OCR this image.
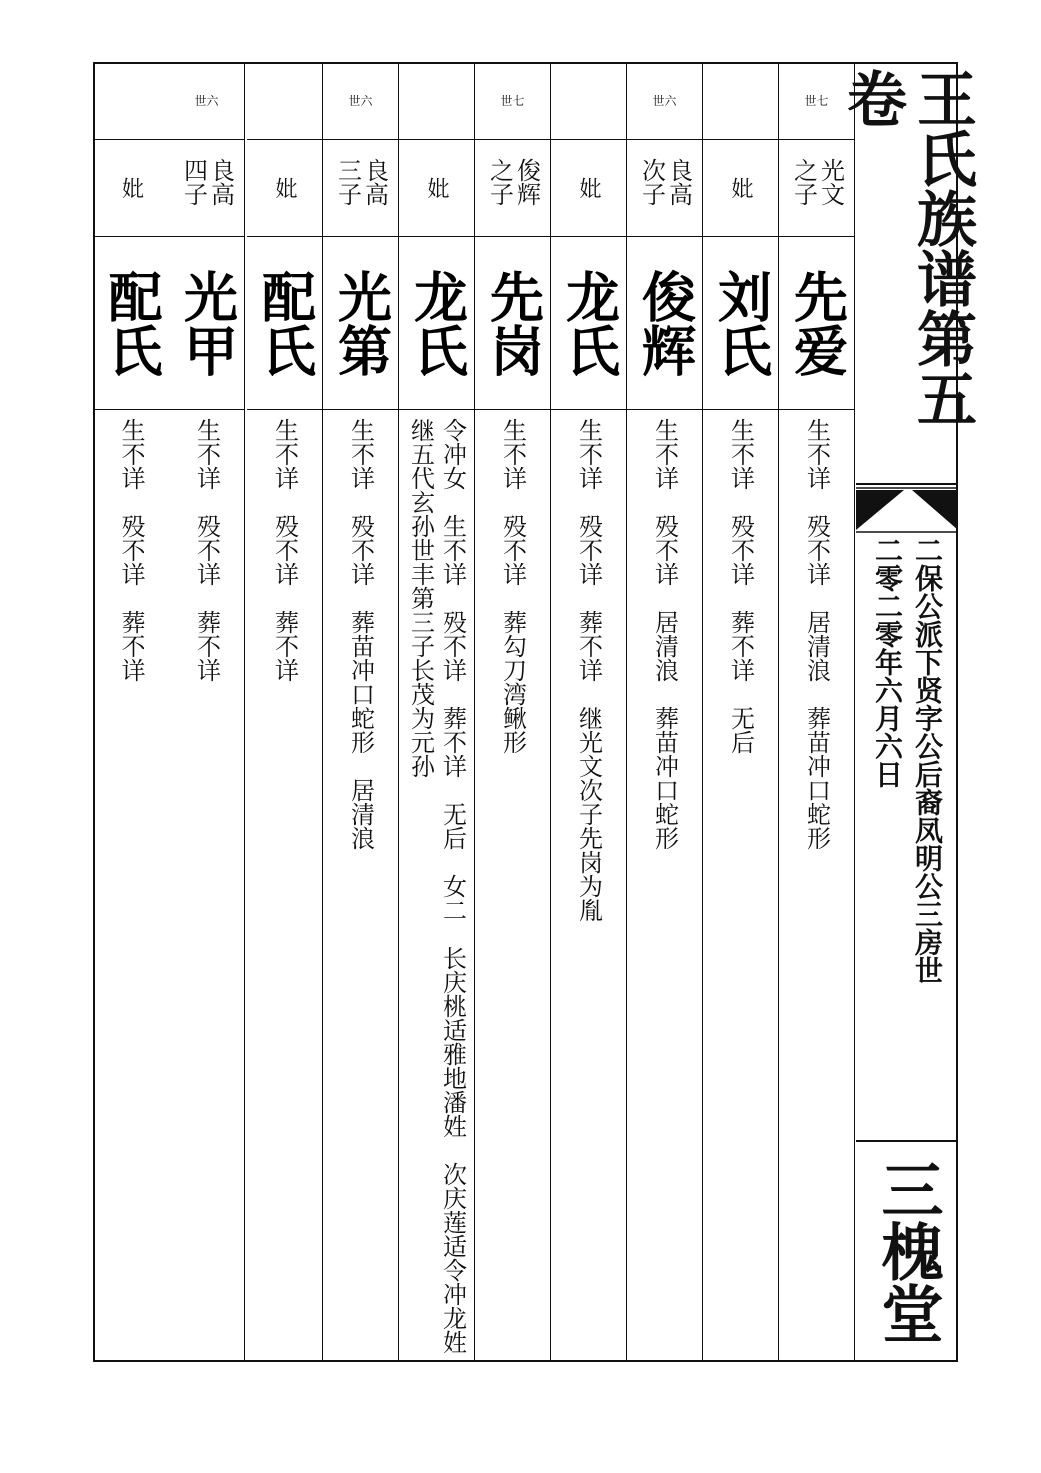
世七
光文之子
先爱
生不详　殁不详　居清浪　葬苗冲口蛇形
妣
刘氏
生不详　殁不详　葬不详　无后
世六
良高次子
俊辉
生不详　殁不详　居清浪　葬苗冲口蛇形
妣
龙氏
生不详　殁不详　葬不详　继光文次子先岗为胤
世七
俊辉之子
先岗
生不详　殁不详　葬勾刀湾鳅形
妣
龙氏
令冲女　生不详　殁不详　葬不详　无后　女二　长庆桃适雅地潘姓　次庆莲适令冲龙姓　继五代玄孙世丰第三子长茂为元孙
世六
良高三子
光第
生不详　殁不详　葬苗冲口蛇形　居清浪
妣
配氏
生不详　殁不详　葬不详
世六
良高四子
光甲
生不详　殁不详　葬不详
妣
配氏
生不详　殁不详　葬不详
王氏族谱第五卷
二保公派下贤字公后裔凤明公三房世
二零二零年六月六日
三槐堂
